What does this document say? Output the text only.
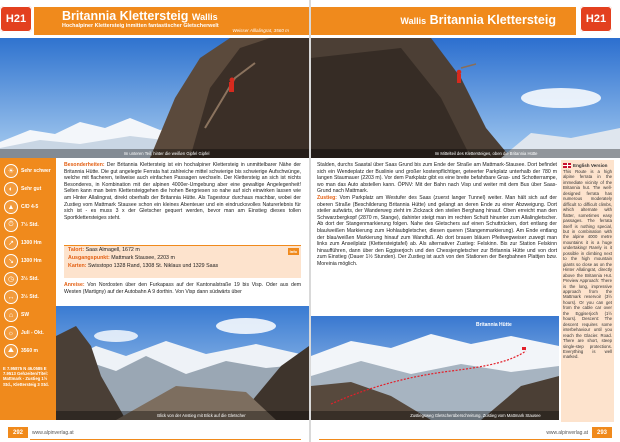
H21	Britannia Klettersteig Wallis
Hochalpiner Klettersteig inmitten fantastischer Gletscherwelt
Weisser Alllalingrat, 3560 m
Im unteren Teil, hinter die weißen Gipfel Gipfel
☀	Sehr schwer
◐	Sehr gut
▲	C/D 4-5
⏱	7½ Std.
↗	1300 Hm
↘	1300 Hm
◷	3½ Std.
↔	3½ Std.
⌂	SW
☼	Juli - Okt.
⛰	3560 m
E 7.95875 N 46.0585 E 7.9513 Gehzeiten/Titel: Mattmark - Zustieg 1½ Std., Klettersteig 3 Std.
Besonderheiten: Der Britannia Klettersteig ist ein hochalpiner Klettersteig in unmittelbarer Nähe der Britannia Hütte. Die gut angelegte Ferrata hat zahlreiche mittel schwierige bis schwierige Aufschwünge, welche mit flacheren, teilweise auch einfachen Passagen wechseln. Der Klettersteig an sich ist nichts Besonderes, in Kombination mit der alpinen 4000er-Umgebung aber eine gewaltige Angelegenheit! Selten kann man beim Klettersteiggehen die hohen Bergriesen so nahe auf sich einwirken lassen wie am Hinter Allalingrat, direkt oberhalb der Britannia Hütte. Als Tagestour durchaus machbar, wobei der Zustieg vom Mattmark Stausee schon ein kleines Abenteuer und ein eindrucksvolles Naturerlebnis für sich ist - es muss 3 x der Gletscher gequert werden, bevor man am Einstieg dieses tollen Sportklettersteiges steht.
Info
Talort: Saas Almagell, 1672 m
Ausgangspunkt: Mattmark Stausee, 2203 m
Karten: Swisstopo 1328 Rand, 1308 St. Niklaus und 1329 Saas
Anreise: Von Nordosten über den Furkapass auf der Kantonalstraße 19 bis Visp. Oder aus dem Westen (Martigny) auf der Autobahn A 9 dorthin. Von Visp dann südwärts über
Blick von der Anstieg mit Blick auf die Gletscher
292	www.alpinverlag.at
H21
Wallis Britannia Klettersteig
Im Mittelteil des Klettersteiges, oben die Britannia Hütte
Stalden, durchs Saastal über Saas Grund bis zum Ende der Straße am Mattmark-Stausee. Dort befindet sich ein Wendeplatz der Buslinie und großer kostenpflichtiger, geteerter Parkplatz unterhalb der 780 m langen Staumauer (2203 m). Vor dem Parkplatz gibt es eine breite befahrbare Gras- und Schotterrampe, wo man das Auto abstellen kann. ÖPNV: Mit der Bahn nach Visp und weiter mit dem Bus über Saas-Grund nach Mattmark.
Zustieg: Vom Parkplatz am Westufer des Saas (zuerst langer Tunnel) weiter. Man hält sich auf der oberen Straße (Beschilderung Britannia Hütte) und gelangt an deren Ende zu einer Abzweigung. Dort steiler aufwärts, der Wanderweg zieht im Zickzack den steilen Berghang hinauf. Oben erreicht man den Schwarzbergkopf (2870 m, Stange), dahinter steigt man im rechten Schutt hinunter zum Allalingletscher. Ab dort der Stangenmarkierung folgen. Nahe des Gletschers auf einen Schuttrücken, dort entlang der blau/weißen Markierung zum Hohlaubgletscher, diesen queren (Stangenmarkierung). Am Ende entlang der blau/weißen Markierung hinauf zum Wandfuß. Ab dort brauen bläuen Pfeilwegweiser zuwegt man links zum Anseilplatz (Klettersteigtafel) ab. Als alternativer Zustieg: Felskinn. Bis zur Station Felskinn hinaufführen, dann über den Eggiserjoch und den Chessjengletscher zur Britannia Hütte und von dort zum Einstieg (Dauer 1½ Stunden). Der Zustieg ist auch von den Stationen der Bergbahnen Plattjen bzw. Moreinia möglich.
Zustiegsweg Gletscherüberschreitung, Zustieg vom Mattmark Stausee
Britannia Hütte
English Version
This Route is a high alpine ferrata in the immediate vicinity of the Britannia hut. The well-designed ferrata has numerous moderately difficult to difficult climbs, which alternate with flatter, sometimes easy passages. The ferrata itself is nothing special, but in combination with the alpine 4000 metre mountains it is a huge undertaking! Rarely is it possible in climbing next to the high mountain giants so close as on the Hinter Allalingrat, directly above the Britannia Hut. Preview Approach: There is the long, impressive approach from the Mattmark reservoir (3½ hours). Or you can get from the cable car over the Eggiserjoch (1½ hours). Descent: The descent requires some interbehaviour until you reach the Glacier. Road. There are short, steep single-step protections. Everything is well marked.
www.alpinverlag.at	293
